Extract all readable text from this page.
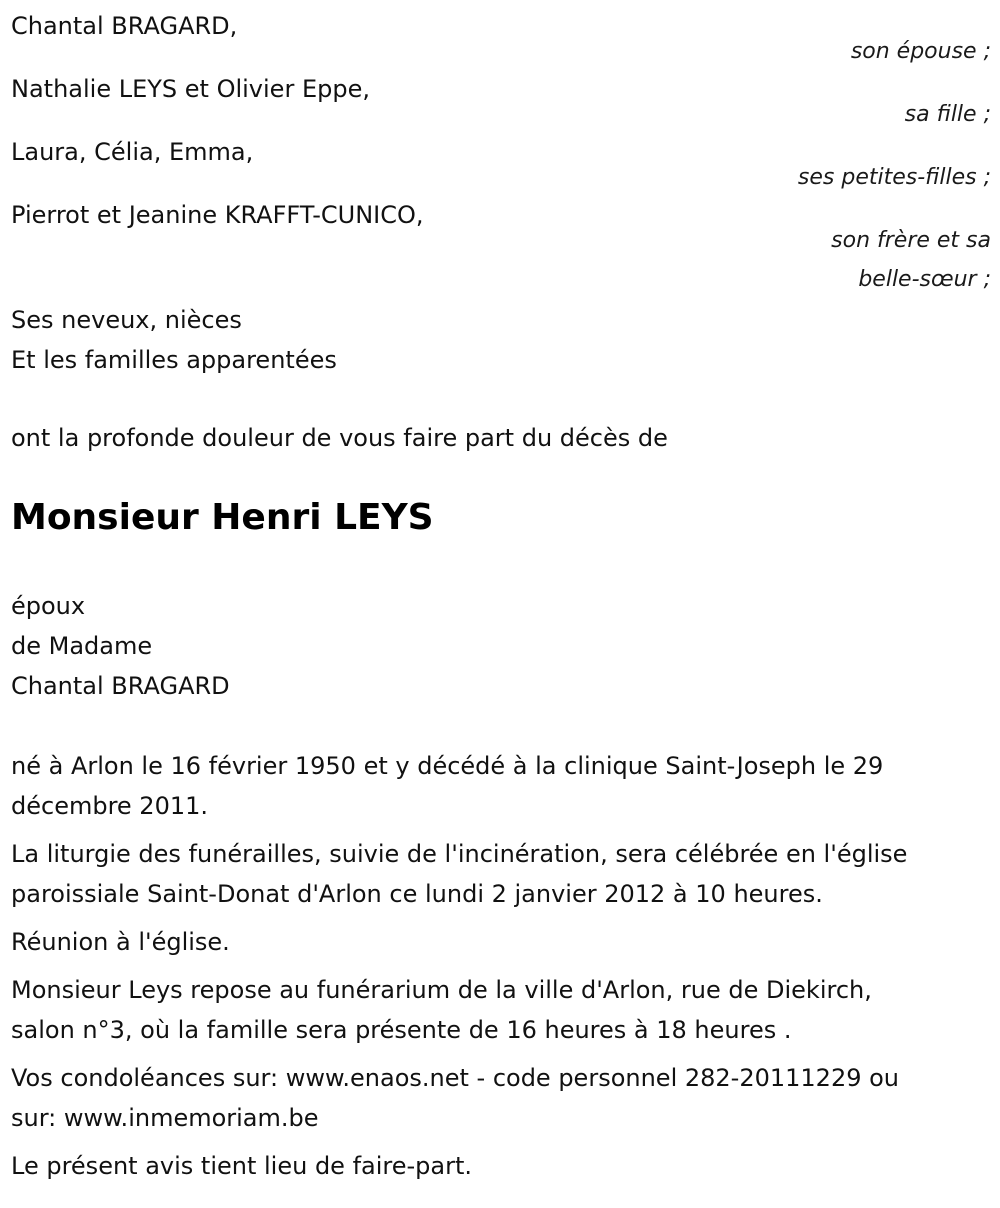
Chantal BRAGARD,
son épouse ;
Nathalie LEYS et Olivier Eppe,
sa fille ;
Laura, Célia, Emma,
ses petites-filles ;
Pierrot et Jeanine KRAFFT-CUNICO,
son frère et sa
belle-sœur ;
Ses neveux, nièces
Et les familles apparentées
ont la profonde douleur de vous faire part du décès de
Monsieur Henri LEYS
époux
de Madame
Chantal BRAGARD

né à Arlon le 16 février 1950 et y décédé à la clinique Saint-Joseph le 29
décembre 2011.

La liturgie des funérailles, suivie de l'incinération, sera célébrée en l'église
paroissiale Saint-Donat d'Arlon ce lundi 2 janvier 2012 à 10 heures.

Réunion à l'église.

Monsieur Leys repose au funérarium de la ville d'Arlon, rue de Diekirch,
salon n°3, où la famille sera présente de 16 heures à 18 heures .

Vos condoléances sur: www.enaos.net - code personnel 282-20111229 ou
sur: www.inmemoriam.be

Le présent avis tient lieu de faire-part.
